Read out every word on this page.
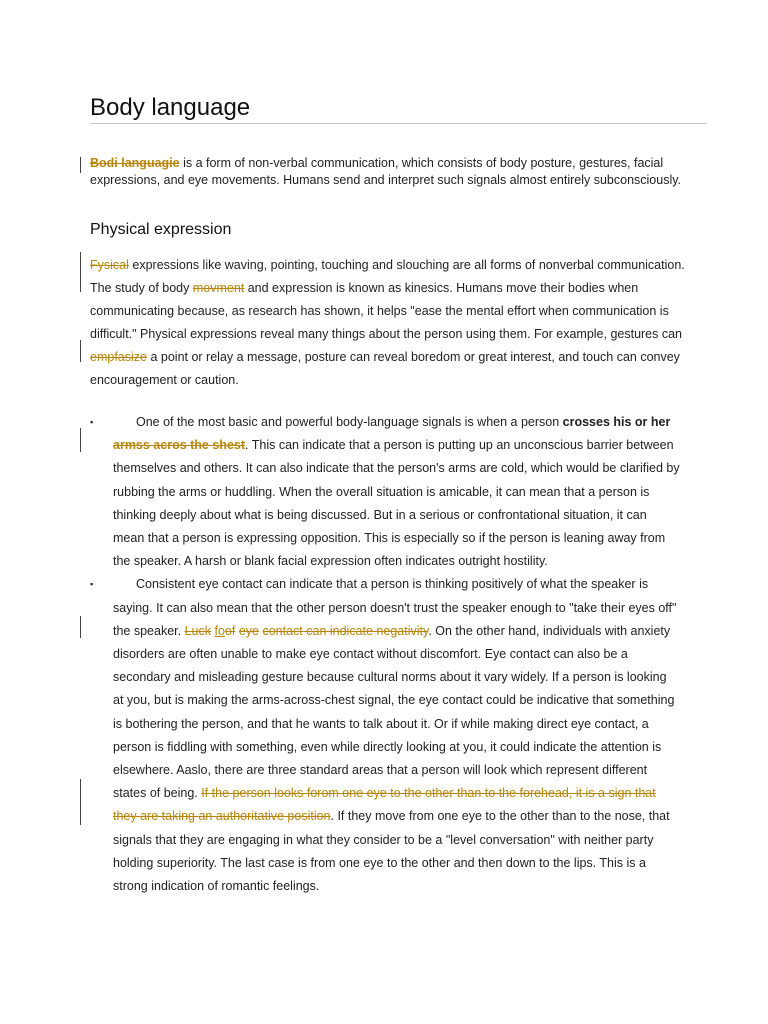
Body language

Bodi languagie is a form of non-verbal communication, which consists of body posture, gestures, facial expressions, and eye movements. Humans send and interpret such signals almost entirely subconsciously.

Physical expression

Fysical expressions like waving, pointing, touching and slouching are all forms of nonverbal communication. The study of body movment and expression is known as kinesics. Humans move their bodies when communicating because, as research has shown, it helps "ease the mental effort when communication is difficult." Physical expressions reveal many things about the person using them. For example, gestures can empfasize a point or relay a message, posture can reveal boredom or great interest, and touch can convey encouragement or caution.

▪	One of the most basic and powerful body-language signals is when a person crosses his or her armss acros the shest. This can indicate that a person is putting up an unconscious barrier between themselves and others. It can also indicate that the person's arms are cold, which would be clarified by rubbing the arms or huddling. When the overall situation is amicable, it can mean that a person is thinking deeply about what is being discussed. But in a serious or confrontational situation, it can mean that a person is expressing opposition. This is especially so if the person is leaning away from the speaker. A harsh or blank facial expression often indicates outright hostility.
▪	Consistent eye contact can indicate that a person is thinking positively of what the speaker is saying. It can also mean that the other person doesn't trust the speaker enough to "take their eyes off" the speaker. Luck foof eye contact can indicate negativity. On the other hand, individuals with anxiety disorders are often unable to make eye contact without discomfort. Eye contact can also be a secondary and misleading gesture because cultural norms about it vary widely. If a person is looking at you, but is making the arms-across-chest signal, the eye contact could be indicative that something is bothering the person, and that he wants to talk about it. Or if while making direct eye contact, a person is fiddling with something, even while directly looking at you, it could indicate the attention is elsewhere. Aaslo, there are three standard areas that a person will look which represent different states of being. If the person looks forom one eye to the other than to the forehead, it is a sign that they are taking an authoritative position. If they move from one eye to the other than to the nose, that signals that they are engaging in what they consider to be a "level conversation" with neither party holding superiority. The last case is from one eye to the other and then down to the lips. This is a strong indication of romantic feelings.
